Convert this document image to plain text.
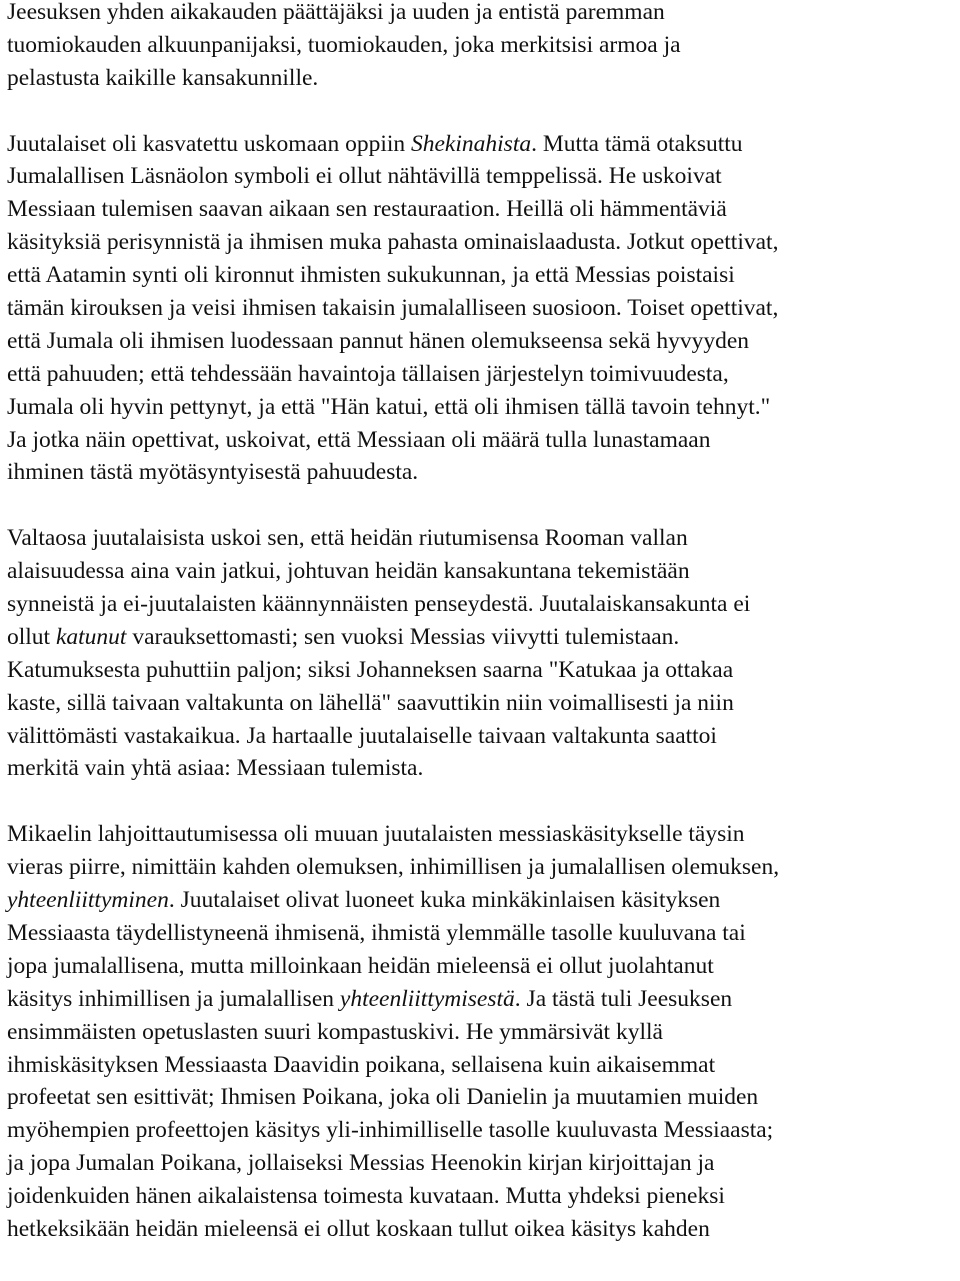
Jeesuksen yhden aikakauden päättäjäksi ja uuden ja entistä paremman
tuomiokauden alkuunpanijaksi, tuomiokauden, joka merkitsisi armoa ja
pelastusta kaikille kansakunnille.

Juutalaiset oli kasvatettu uskomaan oppiin Shekinahista. Mutta tämä otaksuttu
Jumalallisen Läsnäolon symboli ei ollut nähtävillä temppelissä. He uskoivat
Messiaan tulemisen saavan aikaan sen restauraation. Heillä oli hämmentäviä
käsityksiä perisynnistä ja ihmisen muka pahasta ominaislaadusta. Jotkut opettivat,
että Aatamin synti oli kironnut ihmisten sukukunnan, ja että Messias poistaisi
tämän kirouksen ja veisi ihmisen takaisin jumalalliseen suosioon. Toiset opettivat,
että Jumala oli ihmisen luodessaan pannut hänen olemukseensa sekä hyvyyden
että pahuuden; että tehdessään havaintoja tällaisen järjestelyn toimivuudesta,
Jumala oli hyvin pettynyt, ja että "Hän katui, että oli ihmisen tällä tavoin tehnyt."
Ja jotka näin opettivat, uskoivat, että Messiaan oli määrä tulla lunastamaan
ihminen tästä myötäsyntyisestä pahuudesta.

Valtaosa juutalaisista uskoi sen, että heidän riutumisensa Rooman vallan
alaisuudessa aina vain jatkui, johtuvan heidän kansakuntana tekemistään
synneistä ja ei-juutalaisten käännynnäisten penseydestä. Juutalaiskansakunta ei
ollut katunut varauksettomasti; sen vuoksi Messias viivytti tulemistaan.
Katumuksesta puhuttiin paljon; siksi Johanneksen saarna "Katukaa ja ottakaa
kaste, sillä taivaan valtakunta on lähellä" saavuttikin niin voimallisesti ja niin
välittömästi vastakaikua. Ja hartaalle juutalaiselle taivaan valtakunta saattoi
merkitä vain yhtä asiaa: Messiaan tulemista.

Mikaelin lahjoittautumisessa oli muuan juutalaisten messiaskäsitykselle täysin
vieras piirre, nimittäin kahden olemuksen, inhimillisen ja jumalallisen olemuksen,
yhteenliittyminen. Juutalaiset olivat luoneet kuka minkäkinlaisen käsityksen
Messiaasta täydellistyneenä ihmisenä, ihmistä ylemmälle tasolle kuuluvana tai
jopa jumalallisena, mutta milloinkaan heidän mieleensä ei ollut juolahtanut
käsitys inhimillisen ja jumalallisen yhteenliittymisestä. Ja tästä tuli Jeesuksen
ensimmäisten opetuslasten suuri kompastuskivi. He ymmärsivät kyllä
ihmiskäsityksen Messiaasta Daavidin poikana, sellaisena kuin aikaisemmat
profeetat sen esittivät; Ihmisen Poikana, joka oli Danielin ja muutamien muiden
myöhempien profeettojen käsitys yli-inhimilliselle tasolle kuuluvasta Messiaasta;
ja jopa Jumalan Poikana, jollaiseksi Messias Heenokin kirjan kirjoittajan ja
joidenkuiden hänen aikalaistensa toimesta kuvataan. Mutta yhdeksi pieneksi
hetkeksikään heidän mieleensä ei ollut koskaan tullut oikea käsitys kahden
